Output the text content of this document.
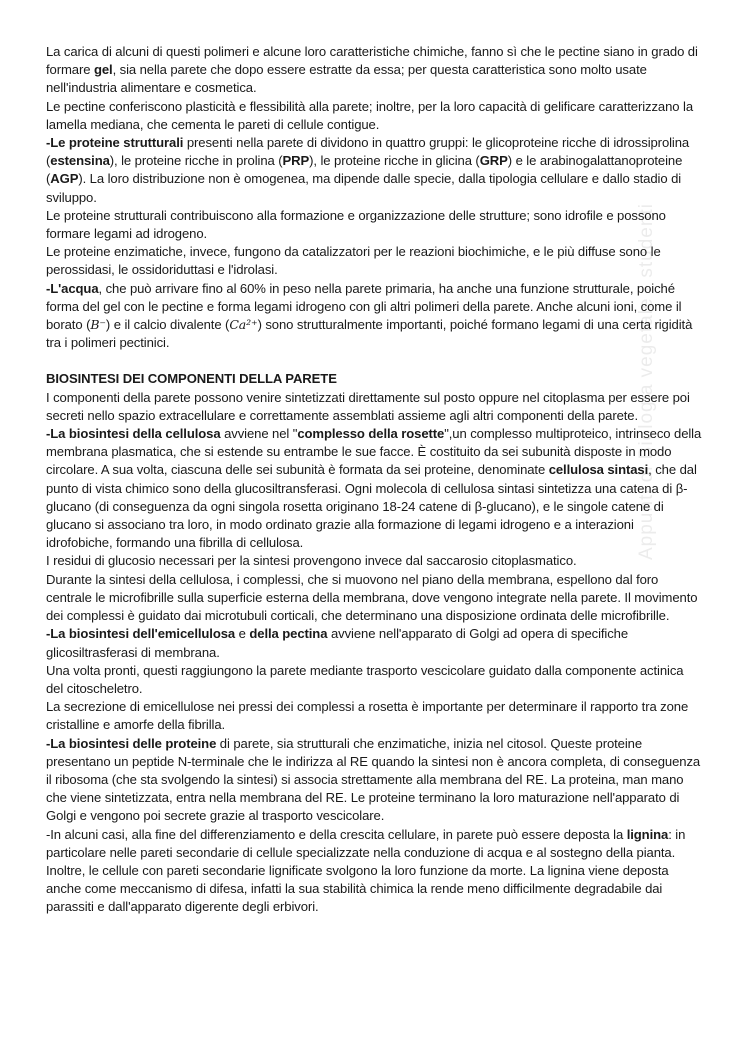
Appunti di Biologia vegetale - studenti

La carica di alcuni di questi polimeri e alcune loro caratteristiche chimiche, fanno sì che le pectine siano in grado di formare gel, sia nella parete che dopo essere estratte da essa; per questa caratteristica sono molto usate nell'industria alimentare e cosmetica.

Le pectine conferiscono plasticità e flessibilità alla parete; inoltre, per la loro capacità di gelificare caratterizzano la lamella mediana, che cementa le pareti di cellule contigue.

-Le proteine strutturali presenti nella parete di dividono in quattro gruppi: le glicoproteine ricche di idrossiprolina (estensina), le proteine ricche in prolina (PRP), le proteine ricche in glicina (GRP) e le arabinogalattanoproteine (AGP). La loro distribuzione non è omogenea, ma dipende dalle specie, dalla tipologia cellulare e dallo stadio di sviluppo.

Le proteine strutturali contribuiscono alla formazione e organizzazione delle strutture; sono idrofile e possono formare legami ad idrogeno.

Le proteine enzimatiche, invece, fungono da catalizzatori per le reazioni biochimiche, e le più diffuse sono le perossidasi, le ossidoriduttasi e l'idrolasi.

-L'acqua, che può arrivare fino al 60% in peso nella parete primaria, ha anche una funzione strutturale, poiché forma del gel con le pectine e forma legami idrogeno con gli altri polimeri della parete. Anche alcuni ioni, come il borato (B⁻) e il calcio divalente (Ca²⁺) sono strutturalmente importanti, poiché formano legami di una certa rigidità tra i polimeri pectinici.

BIOSINTESI DEI COMPONENTI DELLA PARETE

I componenti della parete possono venire sintetizzati direttamente sul posto oppure nel citoplasma per essere poi secreti nello spazio extracellulare e correttamente assemblati assieme agli altri componenti della parete.

-La biosintesi della cellulosa avviene nel "complesso della rosette",un complesso multiproteico, intrinseco della membrana plasmatica, che si estende su entrambe le sue facce. È costituito da sei subunità disposte in modo circolare. A sua volta, ciascuna delle sei subunità è formata da sei proteine, denominate cellulosa sintasi, che dal punto di vista chimico sono della glucosiltransferasi. Ogni molecola di cellulosa sintasi sintetizza una catena di β-glucano (di conseguenza da ogni singola rosetta originano 18-24 catene di β-glucano), e le singole catene di glucano si associano tra loro, in modo ordinato grazie alla formazione di legami idrogeno e a interazioni idrofobiche, formando una fibrilla di cellulosa.

I residui di glucosio necessari per la sintesi provengono invece dal saccarosio citoplasmatico.

Durante la sintesi della cellulosa, i complessi, che si muovono nel piano della membrana, espellono dal foro centrale le microfibrille sulla superficie esterna della membrana, dove vengono integrate nella parete. Il movimento dei complessi è guidato dai microtubuli corticali, che determinano una disposizione ordinata delle microfibrille.

-La biosintesi dell'emicellulosa e della pectina avviene nell'apparato di Golgi ad opera di specifiche glicosiltrasferasi di membrana.

Una volta pronti, questi raggiungono la parete mediante trasporto vescicolare guidato dalla componente actinica del citoscheletro.

La secrezione di emicellulose nei pressi dei complessi a rosetta è importante per determinare il rapporto tra zone cristalline e amorfe della fibrilla.

-La biosintesi delle proteine di parete, sia strutturali che enzimatiche, inizia nel citosol. Queste proteine presentano un peptide N-terminale che le indirizza al RE quando la sintesi non è ancora completa, di conseguenza il ribosoma (che sta svolgendo la sintesi) si associa strettamente alla membrana del RE. La proteina, man mano che viene sintetizzata, entra nella membrana del RE. Le proteine terminano la loro maturazione nell'apparato di Golgi e vengono poi secrete grazie al trasporto vescicolare.

-In alcuni casi, alla fine del differenziamento e della crescita cellulare, in parete può essere deposta la lignina: in particolare nelle pareti secondarie di cellule specializzate nella conduzione di acqua e al sostegno della pianta. Inoltre, le cellule con pareti secondarie lignificate svolgono la loro funzione da morte. La lignina viene deposta anche come meccanismo di difesa, infatti la sua stabilità chimica la rende meno difficilmente degradabile dai parassiti e dall'apparato digerente degli erbivori.
